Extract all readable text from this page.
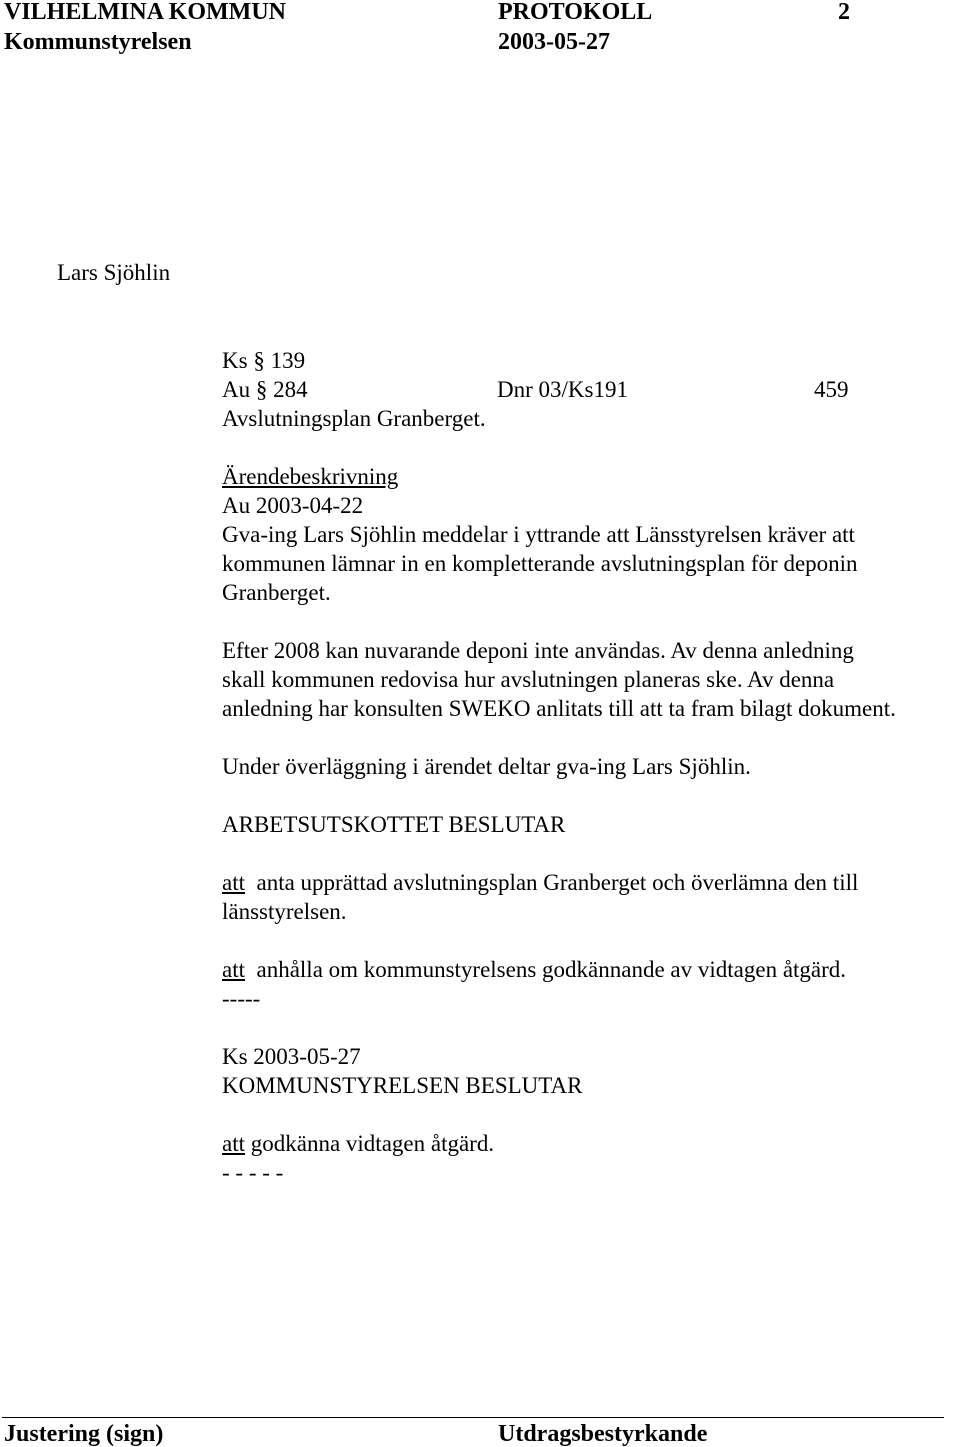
VILHELMINA KOMMUN	PROTOKOLL	2
Kommunstyrelsen	2003-05-27
Lars Sjöhlin
Ks § 139
Au § 284	Dnr 03/Ks191	459
Avslutningsplan Granberget.
Ärendebeskrivning
Au 2003-04-22
Gva-ing Lars Sjöhlin meddelar i yttrande att Länsstyrelsen kräver att
kommunen lämnar in en kompletterande avslutningsplan för deponin
Granberget.
Efter 2008 kan nuvarande deponi inte användas. Av denna anledning
skall kommunen redovisa hur avslutningen planeras ske. Av denna
anledning har konsulten SWEKO anlitats till att ta fram bilagt dokument.
Under överläggning i ärendet deltar gva-ing Lars Sjöhlin.
ARBETSUTSKOTTET BESLUTAR
att anta upprättad avslutningsplan Granberget och överlämna den till
länsstyrelsen.
att anhålla om kommunstyrelsens godkännande av vidtagen åtgärd.
-----
Ks 2003-05-27
KOMMUNSTYRELSEN BESLUTAR
att godkänna vidtagen åtgärd.
- - - - -
Justering (sign)	Utdragsbestyrkande
